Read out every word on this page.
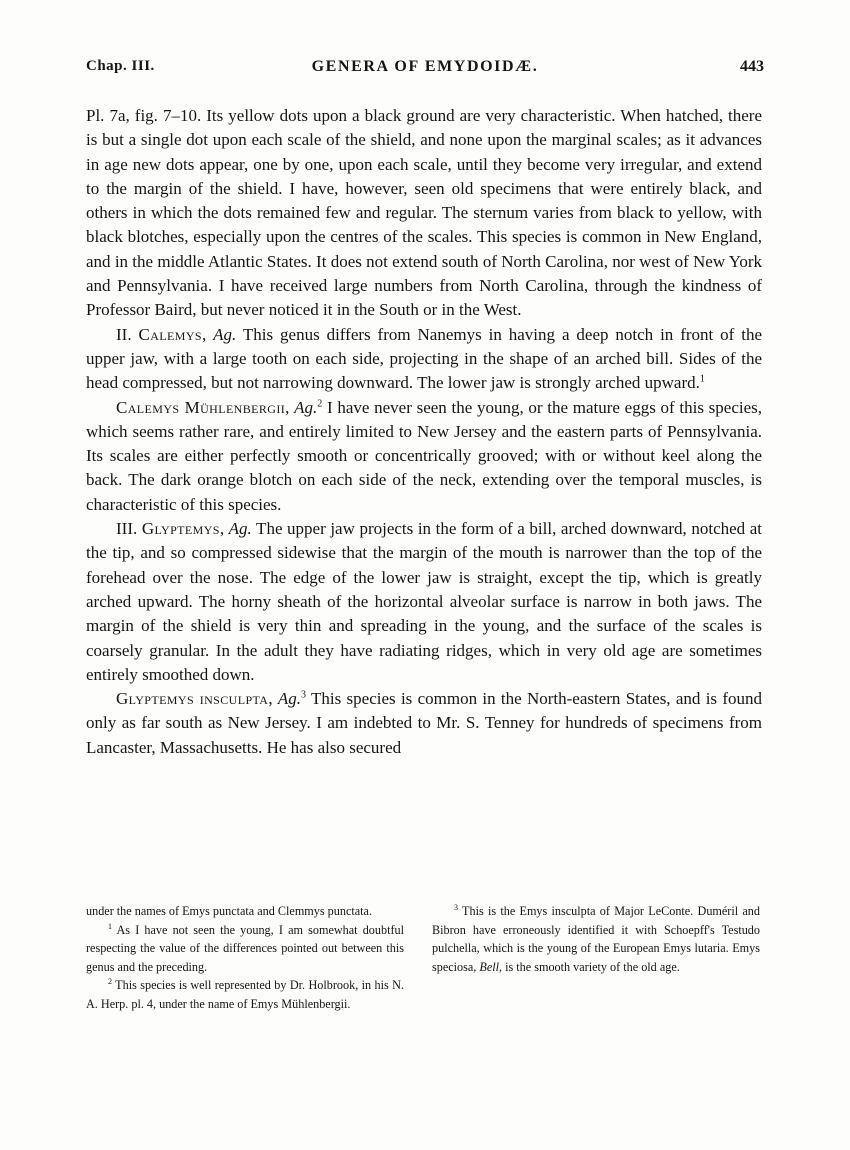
Chap. III.	GENERA OF EMYDOIDÆ.	443

Pl. 7a, fig. 7–10. Its yellow dots upon a black ground are very characteristic. When hatched, there is but a single dot upon each scale of the shield, and none upon the marginal scales; as it advances in age new dots appear, one by one, upon each scale, until they become very irregular, and extend to the margin of the shield. I have, however, seen old specimens that were entirely black, and others in which the dots remained few and regular. The sternum varies from black to yellow, with black blotches, especially upon the centres of the scales. This species is common in New England, and in the middle Atlantic States. It does not extend south of North Carolina, nor west of New York and Pennsylvania. I have received large numbers from North Carolina, through the kindness of Professor Baird, but never noticed it in the South or in the West.

II. Calemys, Ag. This genus differs from Nanemys in having a deep notch in front of the upper jaw, with a large tooth on each side, projecting in the shape of an arched bill. Sides of the head compressed, but not narrowing downward. The lower jaw is strongly arched upward.$^1$

Calemys Mühlenbergii, Ag.$^2$ I have never seen the young, or the mature eggs of this species, which seems rather rare, and entirely limited to New Jersey and the eastern parts of Pennsylvania. Its scales are either perfectly smooth or concentrically grooved; with or without keel along the back. The dark orange blotch on each side of the neck, extending over the temporal muscles, is characteristic of this species.

III. Glyptemys, Ag. The upper jaw projects in the form of a bill, arched downward, notched at the tip, and so compressed sidewise that the margin of the mouth is narrower than the top of the forehead over the nose. The edge of the lower jaw is straight, except the tip, which is greatly arched upward. The horny sheath of the horizontal alveolar surface is narrow in both jaws. The margin of the shield is very thin and spreading in the young, and the surface of the scales is coarsely granular. In the adult they have radiating ridges, which in very old age are sometimes entirely smoothed down.

Glyptemys insculpta, Ag.$^3$ This species is common in the North-eastern States, and is found only as far south as New Jersey. I am indebted to Mr. S. Tenney for hundreds of specimens from Lancaster, Massachusetts. He has also secured

under the names of Emys punctata and Clemmys punctata.

$^1$ As I have not seen the young, I am somewhat doubtful respecting the value of the differences pointed out between this genus and the preceding.

$^2$ This species is well represented by Dr. Holbrook, in his N. A. Herp. pl. 4, under the name of Emys Mühlenbergii.

$^3$ This is the Emys insculpta of Major LeConte. Duméril and Bibron have erroneously identified it with Schoepff's Testudo pulchella, which is the young of the European Emys lutaria. Emys speciosa, Bell, is the smooth variety of the old age.
